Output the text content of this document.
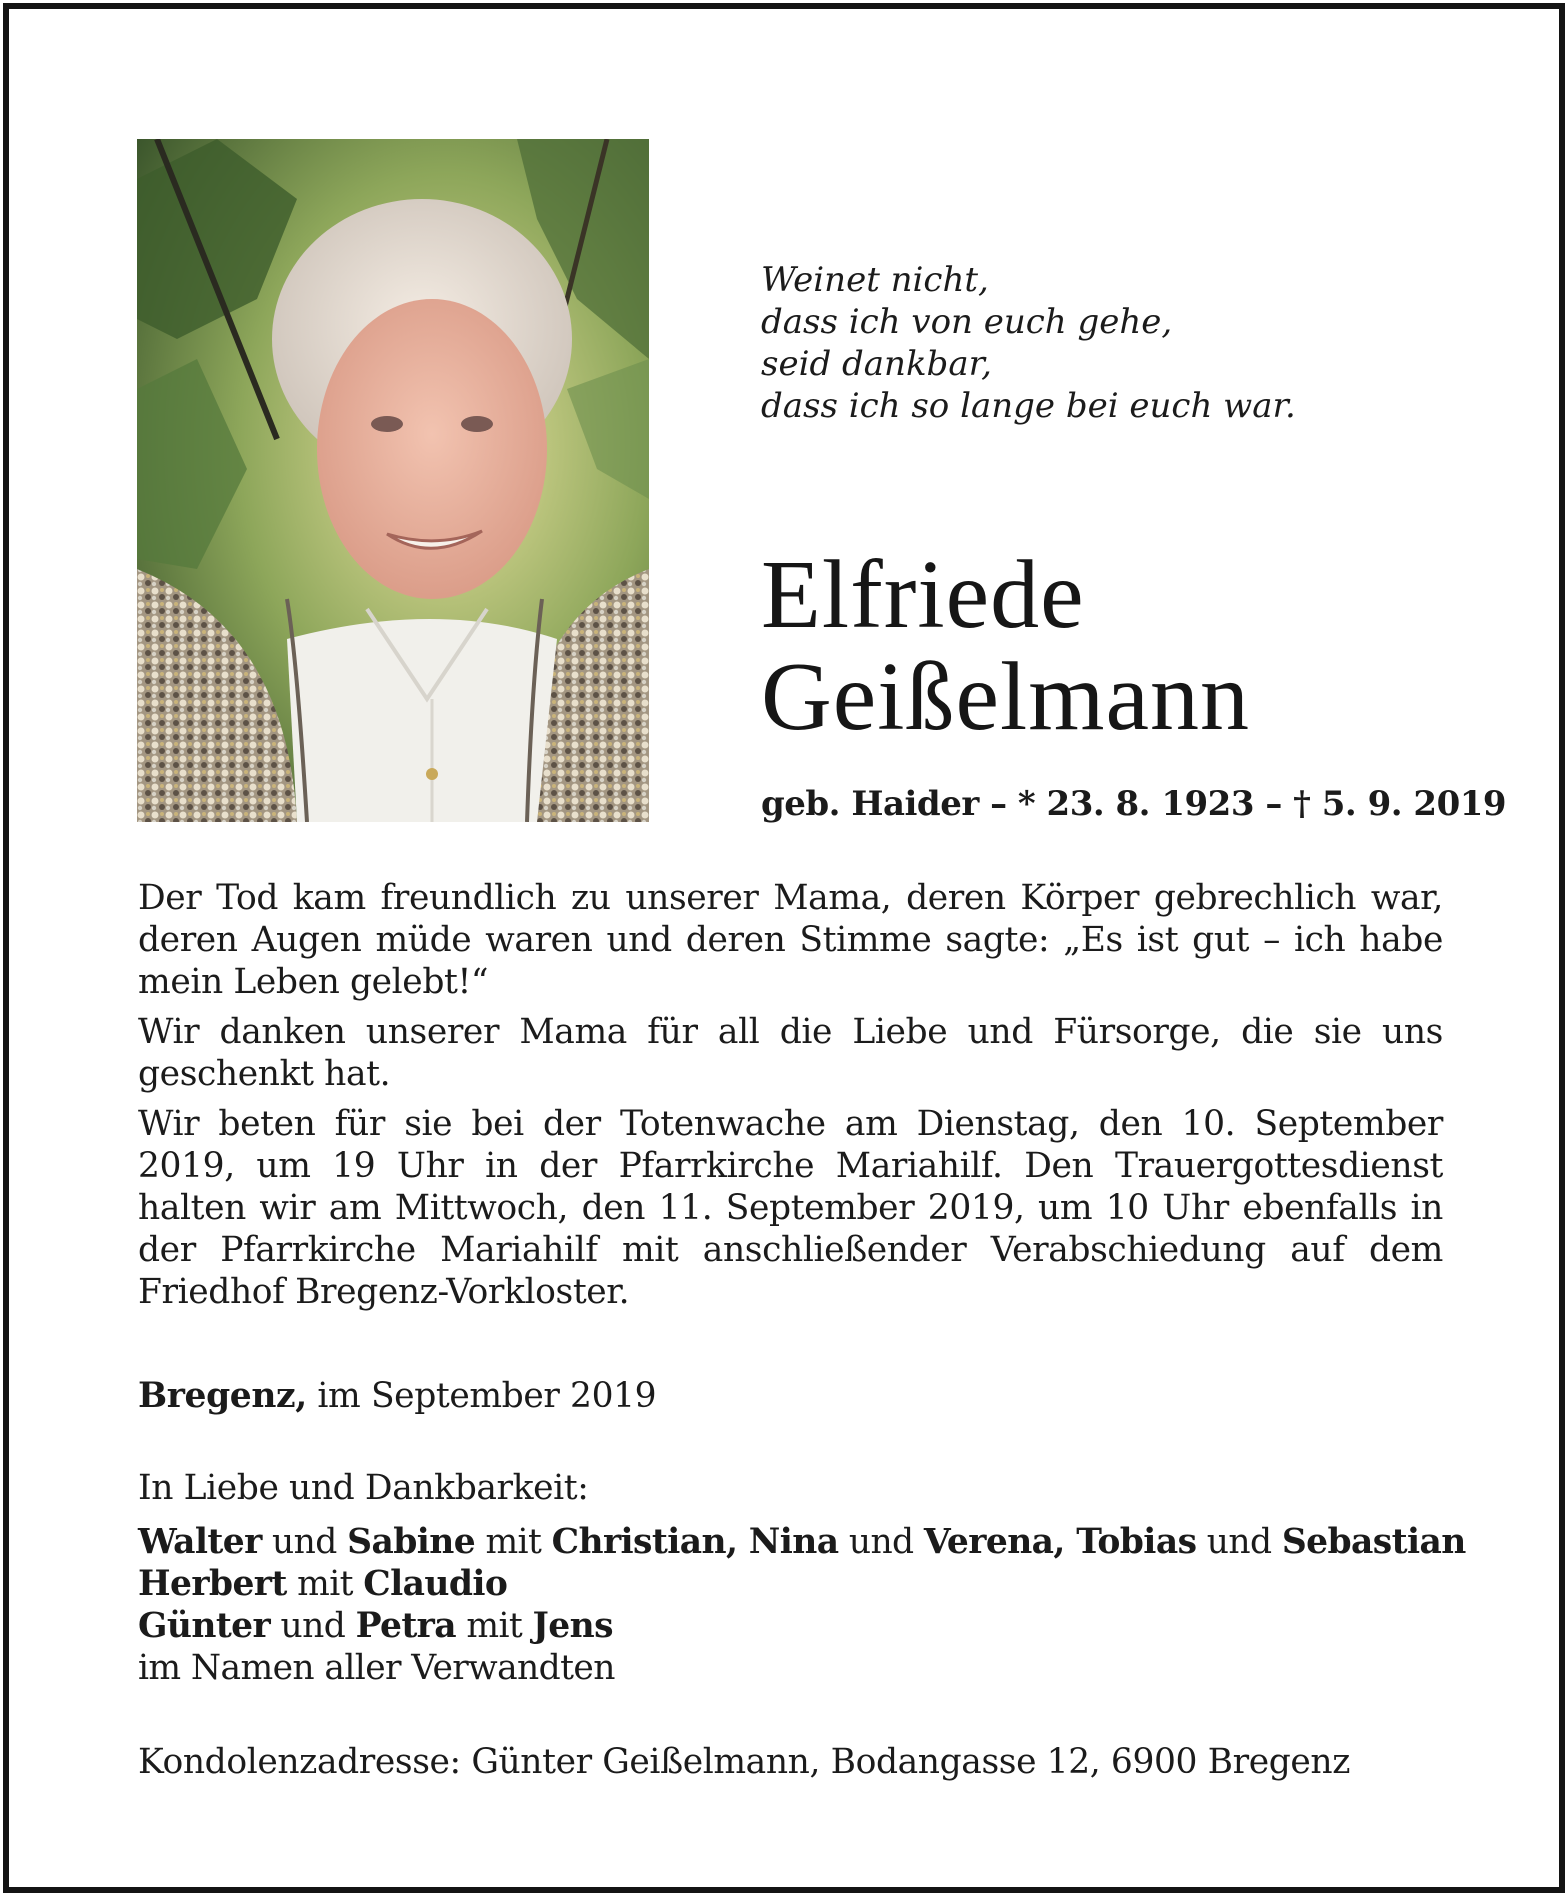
Weinet nicht,
dass ich von euch gehe,
seid dankbar,
dass ich so lange bei euch war.
Elfriede
Geißelmann
geb. Haider – * 23. 8. 1923 – † 5. 9. 2019

Der Tod kam freundlich zu unserer Mama, deren Körper gebrechlich war, deren Augen müde waren und deren Stimme sagte: „Es ist gut – ich habe mein Leben gelebt!“

Wir danken unserer Mama für all die Liebe und Fürsorge, die sie uns geschenkt hat.

Wir beten für sie bei der Totenwache am Dienstag, den 10. September 2019, um 19 Uhr in der Pfarrkirche Mariahilf. Den Trauergottesdienst halten wir am Mittwoch, den 11. September 2019, um 10 Uhr ebenfalls in der Pfarrkirche Mariahilf mit anschließender Verabschiedung auf dem Friedhof Bregenz-Vorkloster.

Bregenz, im September 2019
In Liebe und Dankbarkeit:
Walter und Sabine mit Christian, Nina und Verena, Tobias und Sebastian
Herbert mit Claudio
Günter und Petra mit Jens
im Namen aller Verwandten
Kondolenzadresse: Günter Geißelmann, Bodangasse 12, 6900 Bregenz
